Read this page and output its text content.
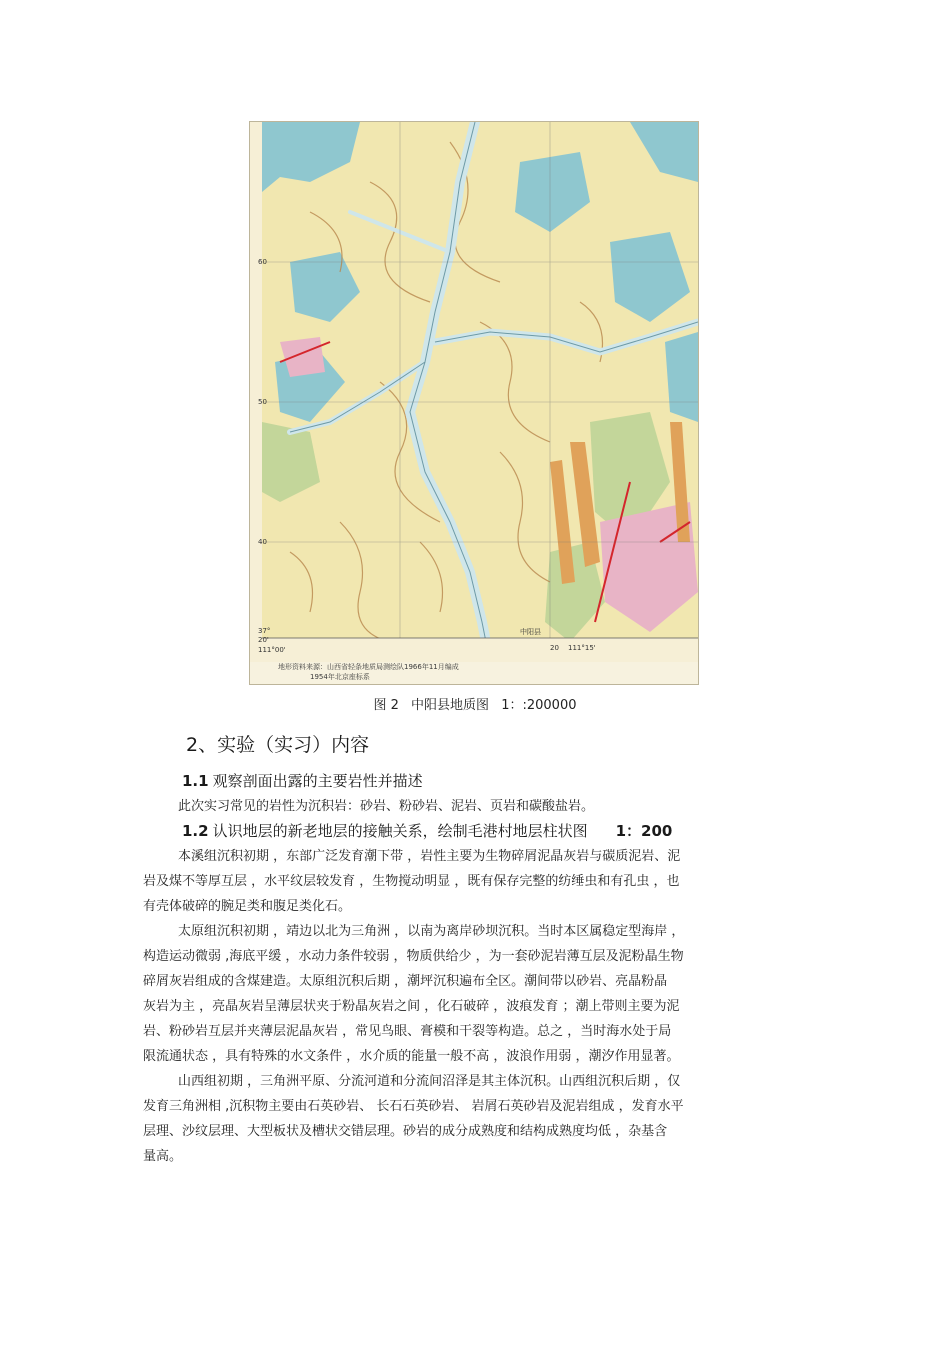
60
50
40
37°
20'
111°00'	20 111°15'
中阳县
地形资料来源：山西省轻条地质局测绘队1966年11月编成
1954年北京座标系
图 2 中阳县地质图 1：:200000
2、实验（实习）内容
1.1 观察剖面出露的主要岩性并描述
此次实习常见的岩性为沉积岩：砂岩、粉砂岩、泥岩、页岩和碳酸盐岩。
1.2 认识地层的新老地层的接触关系，绘制毛港村地层柱状图 1：200
本溪组沉积初期 ，东部广泛发育潮下带 ，岩性主要为生物碎屑泥晶灰岩与碳质泥岩、泥
岩及煤不等厚互层 ，水平纹层较发育 ，生物搅动明显 ，既有保存完整的纺缍虫和有孔虫 ，也
有壳体破碎的腕足类和腹足类化石。
太原组沉积初期 ，靖边以北为三角洲 ，以南为离岸砂坝沉积。当时本区属稳定型海岸 ，
构造运动微弱 ,海底平缓 ，水动力条件较弱 ，物质供给少 ，为一套砂泥岩薄互层及泥粉晶生物
碎屑灰岩组成的含煤建造。太原组沉积后期 ，潮坪沉积遍布全区。潮间带以砂岩、亮晶粉晶
灰岩为主 ，亮晶灰岩呈薄层状夹于粉晶灰岩之间 ，化石破碎 ，波痕发育 ；潮上带则主要为泥
岩、粉砂岩互层并夹薄层泥晶灰岩 ，常见鸟眼、膏模和干裂等构造。总之 ，当时海水处于局
限流通状态 ，具有特殊的水文条件 ，水介质的能量一般不高 ，波浪作用弱 ，潮汐作用显著。
山西组初期 ，三角洲平原、分流河道和分流间沼泽是其主体沉积。山西组沉积后期 ，仅
发育三角洲相 ,沉积物主要由石英砂岩、 长石石英砂岩、 岩屑石英砂岩及泥岩组成 ，发育水平
层理、沙纹层理、大型板状及槽状交错层理。砂岩的成分成熟度和结构成熟度均低 ，杂基含
量高。
